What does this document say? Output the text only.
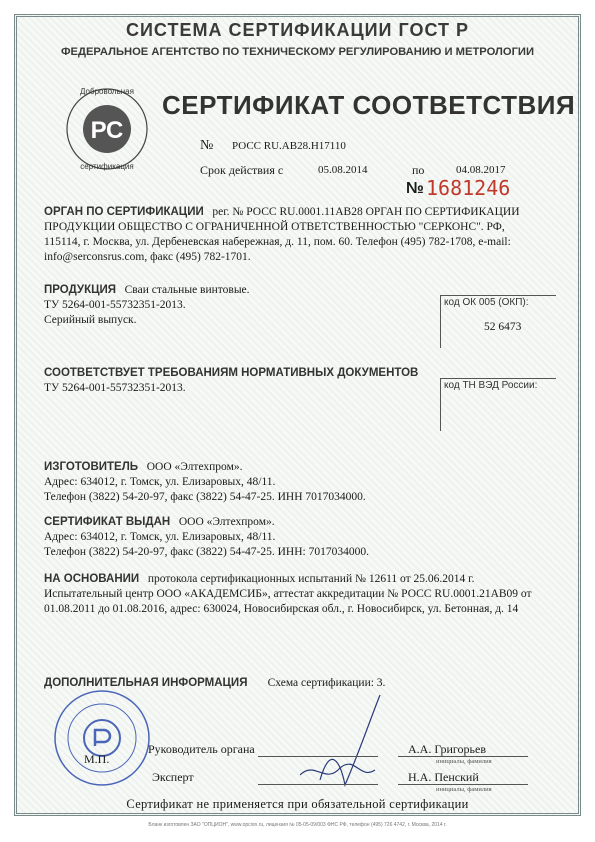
СИСТЕМА СЕРТИФИКАЦИИ ГОСТ Р
ФЕДЕРАЛЬНОЕ АГЕНТСТВО ПО ТЕХНИЧЕСКОМУ РЕГУЛИРОВАНИЮ И МЕТРОЛОГИИ
РС
Добровольная
сертификация
СЕРТИФИКАТ СООТВЕТСТВИЯ
№ РОСС RU.AB28.H17110
Срок действия с	05.08.2014	по	04.08.2017
№ 1681246
ОРГАН ПО СЕРТИФИКАЦИИ рег. № РОСС RU.0001.11АВ28 ОРГАН ПО СЕРТИФИКАЦИИ
ПРОДУКЦИИ ОБЩЕСТВО С ОГРАНИЧЕННОЙ ОТВЕТСТВЕННОСТЬЮ "СЕРКОНС". РФ,
115114, г. Москва, ул. Дербеневская набережная, д. 11, пом. 60. Телефон (495) 782-1708, e-mail:
info@serconsrus.com, факс (495) 782-1701.
ПРОДУКЦИЯ Сваи стальные винтовые.
ТУ 5264-001-55732351-2013.
Серийный выпуск.
код ОК 005 (ОКП):
52 6473
СООТВЕТСТВУЕТ ТРЕБОВАНИЯМ НОРМАТИВНЫХ ДОКУМЕНТОВ
ТУ 5264-001-55732351-2013.	код ТН ВЭД России:
ИЗГОТОВИТЕЛЬ ООО «Элтехпром».
Адрес: 634012, г. Томск, ул. Елизаровых, 48/11.
Телефон (3822) 54-20-97, факс (3822) 54-47-25. ИНН 7017034000.
СЕРТИФИКАТ ВЫДАН ООО «Элтехпром».
Адрес: 634012, г. Томск, ул. Елизаровых, 48/11.
Телефон (3822) 54-20-97, факс (3822) 54-47-25. ИНН: 7017034000.
НА ОСНОВАНИИ протокола сертификационных испытаний № 12611 от 25.06.2014 г.
Испытательный центр ООО «АКАДЕМСИБ», аттестат аккредитации № РОСС RU.0001.21АВ09 от
01.08.2011 до 01.08.2016, адрес: 630024, Новосибирская обл., г. Новосибирск, ул. Бетонная, д. 14
ДОПОЛНИТЕЛЬНАЯ ИНФОРМАЦИЯ Схема сертификации: 3.
М.П.
Руководитель органа	А.А. Григорьев
инициалы, фамилия
Эксперт	Н.А. Пенский
инициалы, фамилия
Сертификат не применяется при обязательной сертификации
Бланк изготовлен ЗАО "ОПЦИОН", www.opcion.ru, лицензия № 05-05-09/003 ФНС РФ, телефон (495) 726 4742, г. Москва, 2014 г.
